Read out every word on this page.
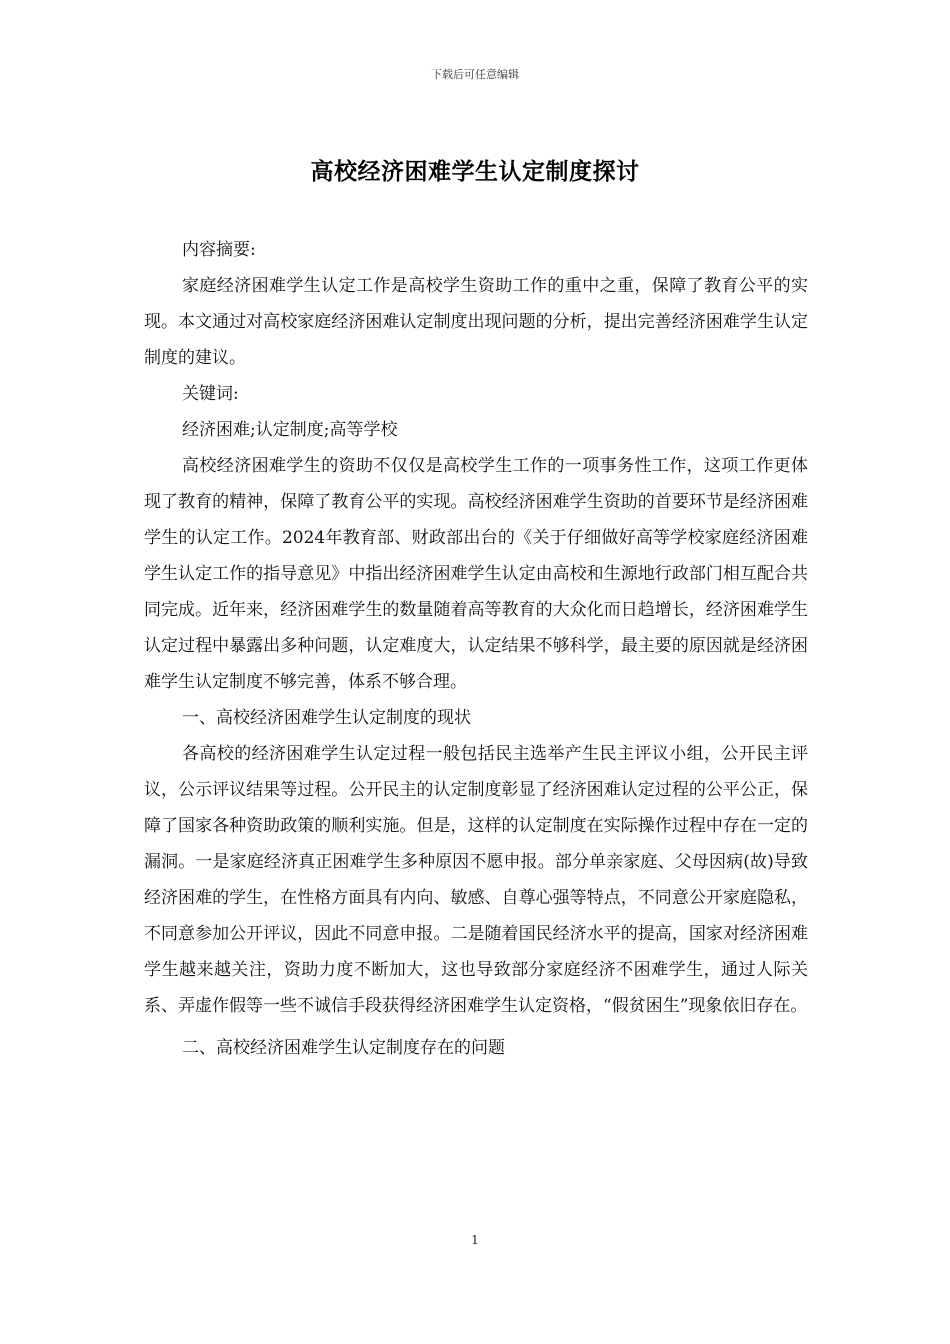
下载后可任意编辑
高校经济困难学生认定制度探讨

内容摘要:

家庭经济困难学生认定工作是高校学生资助工作的重中之重，保障了教育公平的实现。本文通过对高校家庭经济困难认定制度出现问题的分析，提出完善经济困难学生认定制度的建议。

关键词:

经济困难;认定制度;高等学校

高校经济困难学生的资助不仅仅是高校学生工作的一项事务性工作，这项工作更体现了教育的精神，保障了教育公平的实现。高校经济困难学生资助的首要环节是经济困难学生的认定工作。2024年教育部、财政部出台的《关于仔细做好高等学校家庭经济困难学生认定工作的指导意见》中指出经济困难学生认定由高校和生源地行政部门相互配合共同完成。近年来，经济困难学生的数量随着高等教育的大众化而日趋增长，经济困难学生认定过程中暴露出多种问题，认定难度大，认定结果不够科学，最主要的原因就是经济困难学生认定制度不够完善，体系不够合理。

一、高校经济困难学生认定制度的现状

各高校的经济困难学生认定过程一般包括民主选举产生民主评议小组，公开民主评议，公示评议结果等过程。公开民主的认定制度彰显了经济困难认定过程的公平公正，保障了国家各种资助政策的顺利实施。但是，这样的认定制度在实际操作过程中存在一定的漏洞。一是家庭经济真正困难学生多种原因不愿申报。部分单亲家庭、父母因病(故)导致经济困难的学生，在性格方面具有内向、敏感、自尊心强等特点，不同意公开家庭隐私，不同意参加公开评议，因此不同意申报。二是随着国民经济水平的提高，国家对经济困难学生越来越关注，资助力度不断加大，这也导致部分家庭经济不困难学生，通过人际关系、弄虚作假等一些不诚信手段获得经济困难学生认定资格，“假贫困生”现象依旧存在。

二、高校经济困难学生认定制度存在的问题

1
